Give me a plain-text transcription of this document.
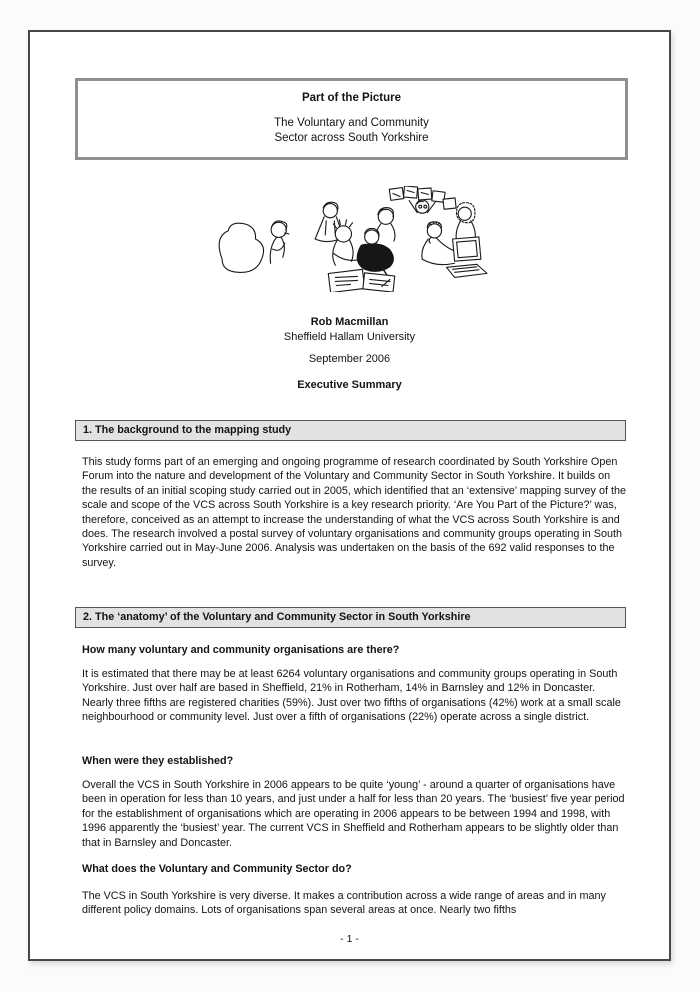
Part of the Picture
The Voluntary and Community
Sector across South Yorkshire
Rob Macmillan
Sheffield Hallam University
September 2006
Executive Summary
1. The background to the mapping study

This study forms part of an emerging and ongoing programme of research coordinated by South Yorkshire Open Forum into the nature and development of the Voluntary and Community Sector in South Yorkshire. It builds on the results of an initial scoping study carried out in 2005, which identified that an ‘extensive’ mapping survey of the scale and scope of the VCS across South Yorkshire is a key research priority. ‘Are You Part of the Picture?’ was, therefore, conceived as an attempt to increase the understanding of what the VCS across South Yorkshire is and does. The research involved a postal survey of voluntary organisations and community groups operating in South Yorkshire carried out in May-June 2006. Analysis was undertaken on the basis of the 692 valid responses to the survey.

2. The ‘anatomy’ of the Voluntary and Community Sector in South Yorkshire
How many voluntary and community organisations are there?

It is estimated that there may be at least 6264 voluntary organisations and community groups operating in South Yorkshire. Just over half are based in Sheffield, 21% in Rotherham, 14% in Barnsley and 12% in Doncaster. Nearly three fifths are registered charities (59%). Just over two fifths of organisations (42%) work at a small scale neighbourhood or community level. Just over a fifth of organisations (22%) operate across a single district.

When were they established?

Overall the VCS in South Yorkshire in 2006 appears to be quite ‘young’ - around a quarter of organisations have been in operation for less than 10 years, and just under a half for less than 20 years. The ‘busiest’ five year period for the establishment of organisations which are operating in 2006 appears to be between 1994 and 1998, with 1996 apparently the ‘busiest’ year. The current VCS in Sheffield and Rotherham appears to be slightly older than that in Barnsley and Doncaster.

What does the Voluntary and Community Sector do?

The VCS in South Yorkshire is very diverse. It makes a contribution across a wide range of areas and in many different policy domains. Lots of organisations span several areas at once. Nearly two fifths

- 1 -
